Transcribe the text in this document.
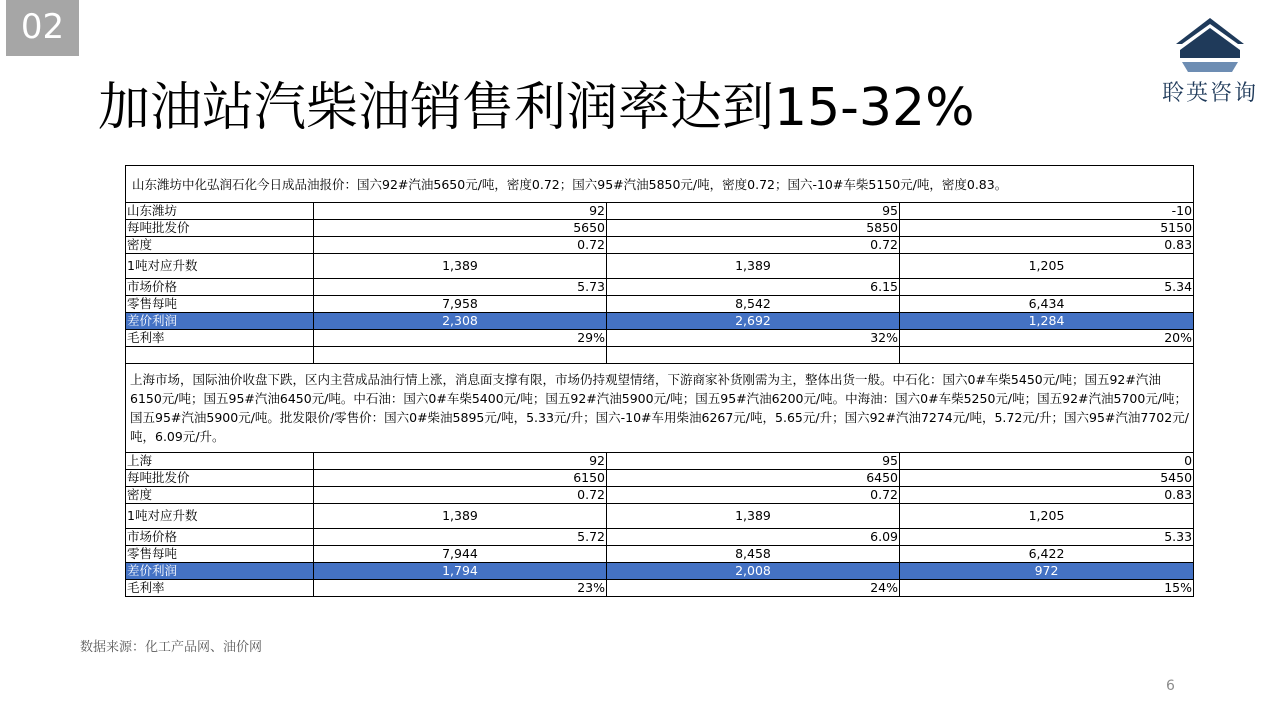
02
加油站汽柴油销售利润率达到15-32%	聆英咨询
山东潍坊中化弘润石化今日成品油报价：国六92#汽油5650元/吨，密度0.72；国六95#汽油5850元/吨，密度0.72；国六-10#车柴5150元/吨，密度0.83。			
山东潍坊	92	95	-10
每吨批发价	5650	5850	5150
密度	0.72	0.72	0.83
1吨对应升数	1,389	1,389	1,205
市场价格	5.73	6.15	5.34
零售每吨	7,958	8,542	6,434
差价利润	2,308	2,692	1,284
毛利率	29%	32%	20%

上海市场，国际油价收盘下跌，区内主营成品油行情上涨，消息面支撑有限，市场仍持观望情绪，下游商家补货刚需为主，整体出货一般。中石化：国六0#车柴5450元/吨；国五92#汽油6150元/吨；国五95#汽油6450元/吨。中石油：国六0#车柴5400元/吨；国五92#汽油5900元/吨；国五95#汽油6200元/吨。中海油：国六0#车柴5250元/吨；国五92#汽油5700元/吨；国五95#汽油5900元/吨。批发限价/零售价：国六0#柴油5895元/吨，5.33元/升；国六-10#车用柴油6267元/吨，5.65元/升；国六92#汽油7274元/吨，5.72元/升；国六95#汽油7702元/吨，6.09元/升。			
上海	92	95	0
每吨批发价	6150	6450	5450
密度	0.72	0.72	0.83
1吨对应升数	1,389	1,389	1,205
市场价格	5.72	6.09	5.33
零售每吨	7,944	8,458	6,422
差价利润	1,794	2,008	972
毛利率	23%	24%	15%
数据来源：化工产品网、油价网
6
